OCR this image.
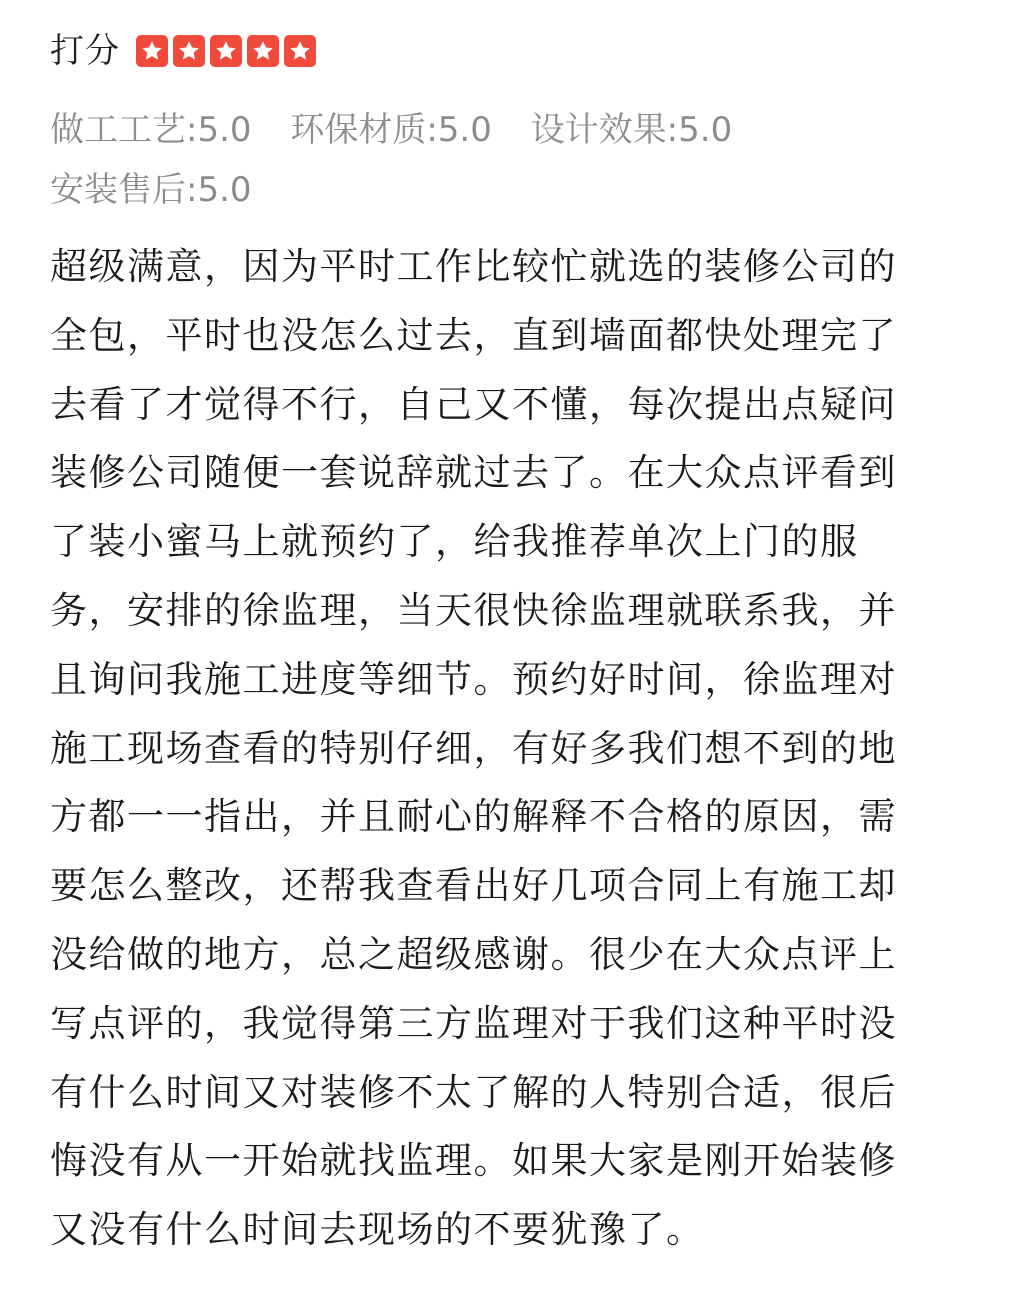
打分
做工工艺:5.0 环保材质:5.0 设计效果:5.0
安装售后:5.0
超级满意，因为平时工作比较忙就选的装修公司的
全包，平时也没怎么过去，直到墙面都快处理完了
去看了才觉得不行，自己又不懂，每次提出点疑问
装修公司随便一套说辞就过去了。在大众点评看到
了装小蜜马上就预约了，给我推荐单次上门的服
务，安排的徐监理，当天很快徐监理就联系我，并
且询问我施工进度等细节。预约好时间，徐监理对
施工现场查看的特别仔细，有好多我们想不到的地
方都一一指出，并且耐心的解释不合格的原因，需
要怎么整改，还帮我查看出好几项合同上有施工却
没给做的地方，总之超级感谢。很少在大众点评上
写点评的，我觉得第三方监理对于我们这种平时没
有什么时间又对装修不太了解的人特别合适，很后
悔没有从一开始就找监理。如果大家是刚开始装修
又没有什么时间去现场的不要犹豫了。
